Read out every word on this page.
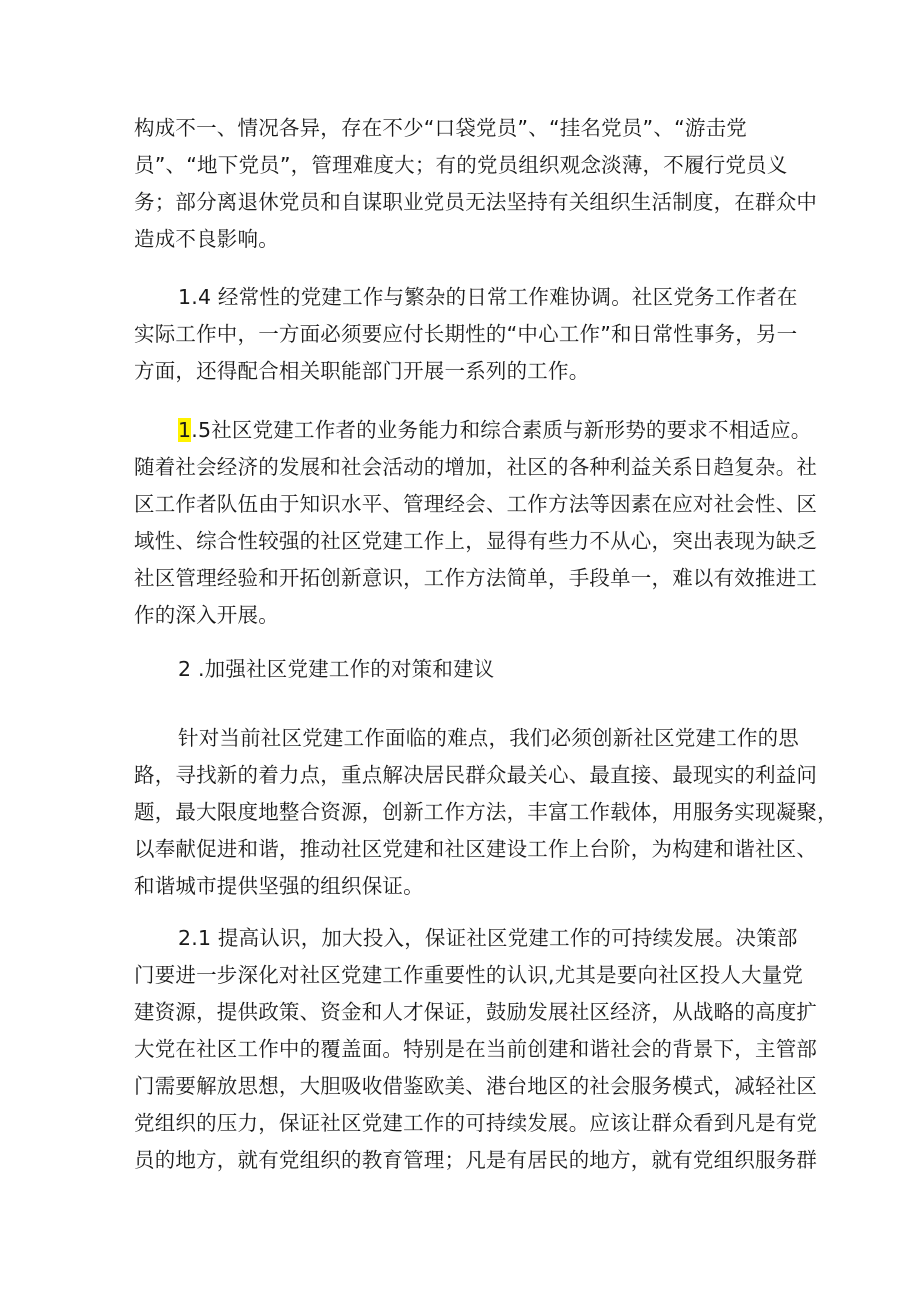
构成不一、情况各异，存在不少“口袋党员”、“挂名党员”、“游击党
员”、“地下党员”，管理难度大；有的党员组织观念淡薄，不履行党员义
务；部分离退休党员和自谋职业党员无法坚持有关组织生活制度，在群众中
造成不良影响。
1.4 经常性的党建工作与繁杂的日常工作难协调。社区党务工作者在
实际工作中，一方面必须要应付长期性的“中心工作”和日常性事务，另一
方面，还得配合相关职能部门开展一系列的工作。
1.5社区党建工作者的业务能力和综合素质与新形势的要求不相适应。
随着社会经济的发展和社会活动的增加，社区的各种利益关系日趋复杂。社
区工作者队伍由于知识水平、管理经会、工作方法等因素在应对社会性、区
域性、综合性较强的社区党建工作上，显得有些力不从心，突出表现为缺乏
社区管理经验和开拓创新意识，工作方法简单，手段单一，难以有效推进工
作的深入开展。
2 .加强社区党建工作的对策和建议
针对当前社区党建工作面临的难点，我们必须创新社区党建工作的思
路，寻找新的着力点，重点解决居民群众最关心、最直接、最现实的利益问
题，最大限度地整合资源，创新工作方法，丰富工作载体，用服务实现凝聚，
以奉献促进和谐，推动社区党建和社区建设工作上台阶，为构建和谐社区、
和谐城市提供坚强的组织保证。
2.1 提高认识，加大投入，保证社区党建工作的可持续发展。决策部
门要进一步深化对社区党建工作重要性的认识,尤其是要向社区投人大量党
建资源，提供政策、资金和人才保证，鼓励发展社区经济，从战略的高度扩
大党在社区工作中的覆盖面。特别是在当前创建和谐社会的背景下，主管部
门需要解放思想，大胆吸收借鉴欧美、港台地区的社会服务模式，减轻社区
党组织的压力，保证社区党建工作的可持续发展。应该让群众看到凡是有党
员的地方，就有党组织的教育管理；凡是有居民的地方，就有党组织服务群
